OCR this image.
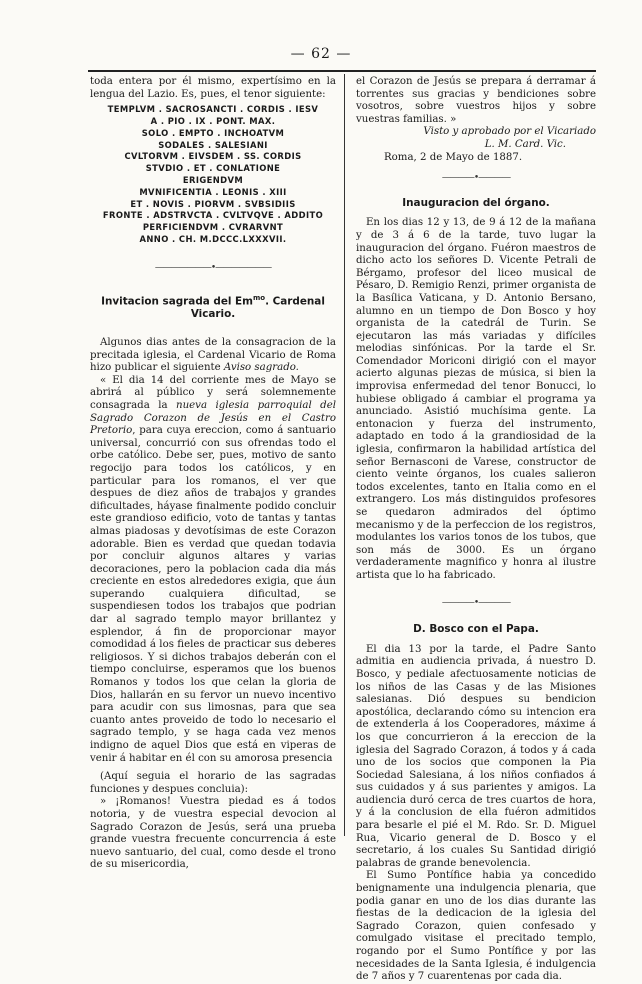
— 62 —

toda entera por él mismo, expertísimo en la lengua del Lazio. Es, pues, el tenor siguiente:

TEMPLVM . SACROSANCTI . CORDIS . IESV
A . PIO . IX . PONT. MAX.
SOLO . EMPTO . INCHOATVM
SODALES . SALESIANI
CVLTORVM . EIVSDEM . SS. CORDIS
STVDIO . ET . CONLATIONE
ERIGENDVM
MVNIFICENTIA . LEONIS . XIII
ET . NOVIS . PIORVM . SVBSIDIIS
FRONTE . ADSTRVCTA . CVLTVQVE . ADDITO
PERFICIENDVM . CVRARVNT
ANNO . CH. M.DCCC.LXXXVII.
———————•———————
Invitacion sagrada del $Em^{mo}$. Cardenal Vicario.

Algunos dias antes de la consagracion de la precitada iglesia, el Cardenal Vicario de Roma hizo publicar el siguiente Aviso sagrado.

« El dia 14 del corriente mes de Mayo se abrirá al público y será solemnemente consagrada la nueva iglesia parroquial del Sagrado Corazon de Jesús en el Castro Pretorio, para cuya ereccion, como á santuario universal, concurrió con sus ofrendas todo el orbe católico. Debe ser, pues, motivo de santo regocijo para todos los católicos, y en particular para los romanos, el ver que despues de diez años de trabajos y grandes dificultades, háyase finalmente podido concluir este grandioso edificio, voto de tantas y tantas almas piadosas y devotísimas de este Corazon adorable. Bien es verdad que quedan todavia por concluir algunos altares y varias decoraciones, pero la poblacion cada dia más creciente en estos alrededores exigia, que áun superando cualquiera dificultad, se suspendiesen todos los trabajos que podrian dar al sagrado templo mayor brillantez y esplendor, á fin de proporcionar mayor comodidad á los fieles de practicar sus deberes religiosos. Y si dichos trabajos deberán con el tiempo concluirse, esperamos que los buenos Romanos y todos los que celan la gloria de Dios, hallarán en su fervor un nuevo incentivo para acudir con sus limosnas, para que sea cuanto antes proveido de todo lo necesario el sagrado templo, y se haga cada vez menos indigno de aquel Dios que está en viperas de venir á habitar en él con su amorosa presencia

(Aquí seguia el horario de las sagradas funciones y despues concluia):

» ¡Romanos! Vuestra piedad es á todos notoria, y de vuestra especial devocion al Sagrado Corazon de Jesús, será una prueba grande vuestra frecuente concurrencia á este nuevo santuario, del cual, como desde el trono de su misericordia,

el Corazon de Jesús se prepara á derramar á torrentes sus gracias y bendiciones sobre vosotros, sobre vuestros hijos y sobre vuestras familias. »

Visto y aprobado por el Vicariado
L. M. Card. Vic.

Roma, 2 de Mayo de 1887.

————•————
Inauguracion del órgano.

En los dias 12 y 13, de 9 á 12 de la mañana y de 3 á 6 de la tarde, tuvo lugar la inauguracion del órgano. Fuéron maestros de dicho acto los señores D. Vicente Petrali de Bérgamo, profesor del liceo musical de Pésaro, D. Remigio Renzi, primer organista de la Basílica Vaticana, y D. Antonio Bersano, alumno en un tiempo de Don Bosco y hoy organista de la catedrál de Turin. Se ejecutaron las más variadas y difíciles melodias sinfónicas. Por la tarde el Sr. Comendador Moriconi dirigió con el mayor acierto algunas piezas de música, si bien la improvisa enfermedad del tenor Bonucci, lo hubiese obligado á cambiar el programa ya anunciado. Asistió muchísima gente. La entonacion y fuerza del instrumento, adaptado en todo á la grandiosidad de la iglesia, confirmaron la habilidad artística del señor Bernasconi de Varese, constructor de ciento veinte órganos, los cuales salieron todos excelentes, tanto en Italia como en el extrangero. Los más distinguidos profesores se quedaron admirados del óptimo mecanismo y de la perfeccion de los registros, modulantes los varios tonos de los tubos, que son más de 3000. Es un órgano verdaderamente magnifico y honra al ilustre artista que lo ha fabricado.

————•————
D. Bosco con el Papa.

El dia 13 por la tarde, el Padre Santo admitia en audiencia privada, á nuestro D. Bosco, y pediale afectuosamente noticias de los niños de las Casas y de las Misiones salesianas. Dió despues su bendicion apostólica, declarando cómo su intencion era de extenderla á los Cooperadores, máxime á los que concurrieron á la ereccion de la iglesia del Sagrado Corazon, á todos y á cada uno de los socios que componen la Pia Sociedad Salesiana, á los niños confiados á sus cuidados y á sus parientes y amigos. La audiencia duró cerca de tres cuartos de hora, y á la conclusion de ella fuéron admitidos para besarle el pié el M. Rdo. Sr. D. Miguel Rua, Vicario general de D. Bosco y el secretario, á los cuales Su Santidad dirigió palabras de grande benevolencia.

El Sumo Pontífice habia ya concedido benignamente una indulgencia plenaria, que podia ganar en uno de los dias durante las fiestas de la dedicacion de la iglesia del Sagrado Corazon, quien confesado y comulgado visitase el precitado templo, rogando por el Sumo Pontífice y por las necesidades de la Santa Iglesia, é indulgencia de 7 años y 7 cuarentenas por cada dia.
